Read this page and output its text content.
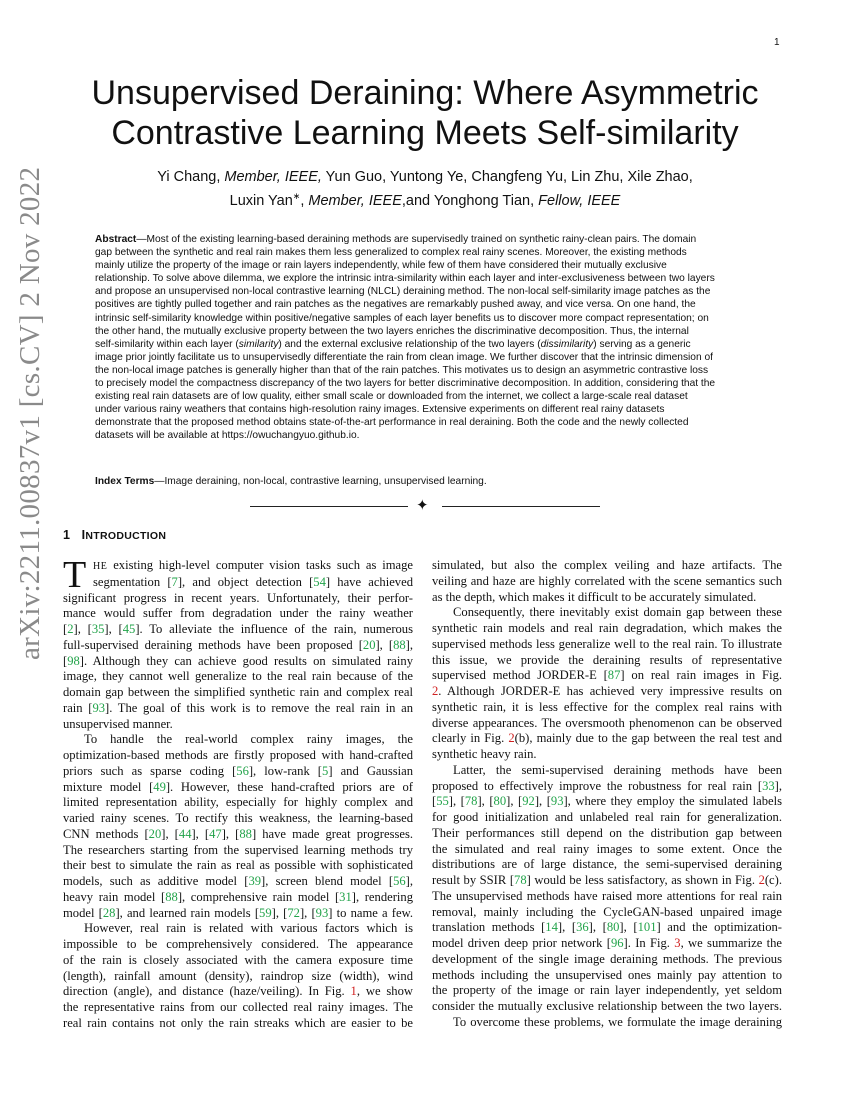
1
arXiv:2211.00837v1 [cs.CV] 2 Nov 2022
Unsupervised Deraining: Where Asymmetric
Contrastive Learning Meets Self-similarity
Yi Chang, Member, IEEE, Yun Guo, Yuntong Ye, Changfeng Yu, Lin Zhu, Xile Zhao,
Luxin Yan∗, Member, IEEE,and Yonghong Tian, Fellow, IEEE
Abstract—Most of the existing learning-based deraining methods are supervisedly trained on synthetic rainy-clean pairs. The domain
gap between the synthetic and real rain makes them less generalized to complex real rainy scenes. Moreover, the existing methods
mainly utilize the property of the image or rain layers independently, while few of them have considered their mutually exclusive
relationship. To solve above dilemma, we explore the intrinsic intra-similarity within each layer and inter-exclusiveness between two layers
and propose an unsupervised non-local contrastive learning (NLCL) deraining method. The non-local self-similarity image patches as the
positives are tightly pulled together and rain patches as the negatives are remarkably pushed away, and vice versa. On one hand, the
intrinsic self-similarity knowledge within positive/negative samples of each layer benefits us to discover more compact representation; on
the other hand, the mutually exclusive property between the two layers enriches the discriminative decomposition. Thus, the internal
self-similarity within each layer (similarity) and the external exclusive relationship of the two layers (dissimilarity) serving as a generic
image prior jointly facilitate us to unsupervisedly differentiate the rain from clean image. We further discover that the intrinsic dimension of
the non-local image patches is generally higher than that of the rain patches. This motivates us to design an asymmetric contrastive loss
to precisely model the compactness discrepancy of the two layers for better discriminative decomposition. In addition, considering that the
existing real rain datasets are of low quality, either small scale or downloaded from the internet, we collect a large-scale real dataset
under various rainy weathers that contains high-resolution rainy images. Extensive experiments on different real rainy datasets
demonstrate that the proposed method obtains state-of-the-art performance in real deraining. Both the code and the newly collected
datasets will be available at https://owuchangyuo.github.io.
Index Terms—Image deraining, non-local, contrastive learning, unsupervised learning.
✦
1 INTRODUCTION
T HE existing high-level computer vision tasks such as image
segmentation [7], and object detection [54] have achieved
significant progress in recent years. Unfortunately, their perfor-
mance would suffer from degradation under the rainy weather
[2], [35], [45]. To alleviate the influence of the rain, numerous
full-supervised deraining methods have been proposed [20], [88],
[98]. Although they can achieve good results on simulated rainy
image, they cannot well generalize to the real rain because of the
domain gap between the simplified synthetic rain and complex real
rain [93]. The goal of this work is to remove the real rain in an
unsupervised manner.
To handle the real-world complex rainy images, the
optimization-based methods are firstly proposed with hand-crafted
priors such as sparse coding [56], low-rank [5] and Gaussian
mixture model [49]. However, these hand-crafted priors are of
limited representation ability, especially for highly complex and
varied rainy scenes. To rectify this weakness, the learning-based
CNN methods [20], [44], [47], [88] have made great progresses.
The researchers starting from the supervised learning methods try
their best to simulate the rain as real as possible with sophisticated
models, such as additive model [39], screen blend model [56],
heavy rain model [88], comprehensive rain model [31], rendering
model [28], and learned rain models [59], [72], [93] to name a few.
However, real rain is related with various factors which is
impossible to be comprehensively considered. The appearance
of the rain is closely associated with the camera exposure time
(length), rainfall amount (density), raindrop size (width), wind
direction (angle), and distance (haze/veiling). In Fig. 1, we show
the representative rains from our collected real rainy images. The
real rain contains not only the rain streaks which are easier to be
simulated, but also the complex veiling and haze artifacts. The
veiling and haze are highly correlated with the scene semantics such
as the depth, which makes it difficult to be accurately simulated.
Consequently, there inevitably exist domain gap between these
synthetic rain models and real rain degradation, which makes the
supervised methods less generalize well to the real rain. To illustrate
this issue, we provide the deraining results of representative
supervised method JORDER-E [87] on real rain images in Fig.
2. Although JORDER-E has achieved very impressive results on
synthetic rain, it is less effective for the complex real rains with
diverse appearances. The oversmooth phenomenon can be observed
clearly in Fig. 2(b), mainly due to the gap between the real test and
synthetic heavy rain.
Latter, the semi-supervised deraining methods have been
proposed to effectively improve the robustness for real rain [33],
[55], [78], [80], [92], [93], where they employ the simulated labels
for good initialization and unlabeled real rain for generalization.
Their performances still depend on the distribution gap between
the simulated and real rainy images to some extent. Once the
distributions are of large distance, the semi-supervised deraining
result by SSIR [78] would be less satisfactory, as shown in Fig. 2(c).
The unsupervised methods have raised more attentions for real rain
removal, mainly including the CycleGAN-based unpaired image
translation methods [14], [36], [80], [101] and the optimization-
model driven deep prior network [96]. In Fig. 3, we summarize the
development of the single image deraining methods. The previous
methods including the unsupervised ones mainly pay attention to
the property of the image or rain layer independently, yet seldom
consider the mutually exclusive relationship between the two layers.
To overcome these problems, we formulate the image deraining
